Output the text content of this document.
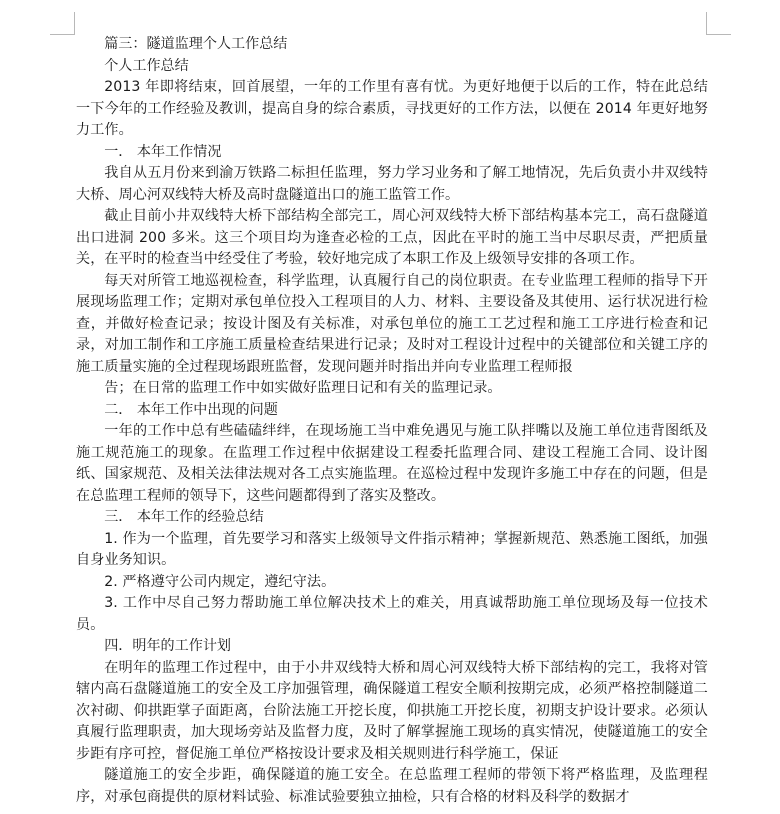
篇三：隧道监理个人工作总结

个人工作总结

2013 年即将结束，回首展望，一年的工作里有喜有忧。为更好地便于以后的工作，特在此总结一下今年的工作经验及教训，提高自身的综合素质，寻找更好的工作方法，以便在 2014 年更好地努力工作。

一． 本年工作情况

我自从五月份来到渝万铁路二标担任监理，努力学习业务和了解工地情况，先后负责小井双线特大桥、周心河双线特大桥及高时盘隧道出口的施工监管工作。

截止目前小井双线特大桥下部结构全部完工，周心河双线特大桥下部结构基本完工，高石盘隧道出口进洞 200 多米。这三个项目均为逢查必检的工点，因此在平时的施工当中尽职尽责，严把质量关，在平时的检查当中经受住了考验，较好地完成了本职工作及上级领导安排的各项工作。

每天对所管工地巡视检查，科学监理，认真履行自己的岗位职责。在专业监理工程师的指导下开展现场监理工作；定期对承包单位投入工程项目的人力、材料、主要设备及其使用、运行状况进行检查，并做好检查记录；按设计图及有关标准，对承包单位的施工工艺过程和施工工序进行检查和记录，对加工制作和工序施工质量检查结果进行记录；及时对工程设计过程中的关键部位和关键工序的施工质量实施的全过程现场跟班监督，发现问题并时指出并向专业监理工程师报

告；在日常的监理工作中如实做好监理日记和有关的监理记录。

二． 本年工作中出现的问题

一年的工作中总有些磕磕绊绊，在现场施工当中难免遇见与施工队拌嘴以及施工单位违背图纸及施工规范施工的现象。在监理工作过程中依据建设工程委托监理合同、建设工程施工合同、设计图纸、国家规范、及相关法律法规对各工点实施监理。在巡检过程中发现许多施工中存在的问题，但是在总监理工程师的领导下，这些问题都得到了落实及整改。

三． 本年工作的经验总结

1. 作为一个监理，首先要学习和落实上级领导文件指示精神；掌握新规范、熟悉施工图纸，加强自身业务知识。

2. 严格遵守公司内规定，遵纪守法。

3. 工作中尽自己努力帮助施工单位解决技术上的难关，用真诚帮助施工单位现场及每一位技术员。

四．明年的工作计划

在明年的监理工作过程中，由于小井双线特大桥和周心河双线特大桥下部结构的完工，我将对管辖内高石盘隧道施工的安全及工序加强管理，确保隧道工程安全顺利按期完成，必须严格控制隧道二次衬砌、仰拱距掌子面距离，台阶法施工开挖长度，仰拱施工开挖长度，初期支护设计要求。必须认真履行监理职责，加大现场旁站及监督力度，及时了解掌握施工现场的真实情况，使隧道施工的安全步距有序可控，督促施工单位严格按设计要求及相关规则进行科学施工，保证

隧道施工的安全步距，确保隧道的施工安全。在总监理工程师的带领下将严格监理，及监理程序，对承包商提供的原材料试验、标准试验要独立抽检，只有合格的材料及科学的数据才
